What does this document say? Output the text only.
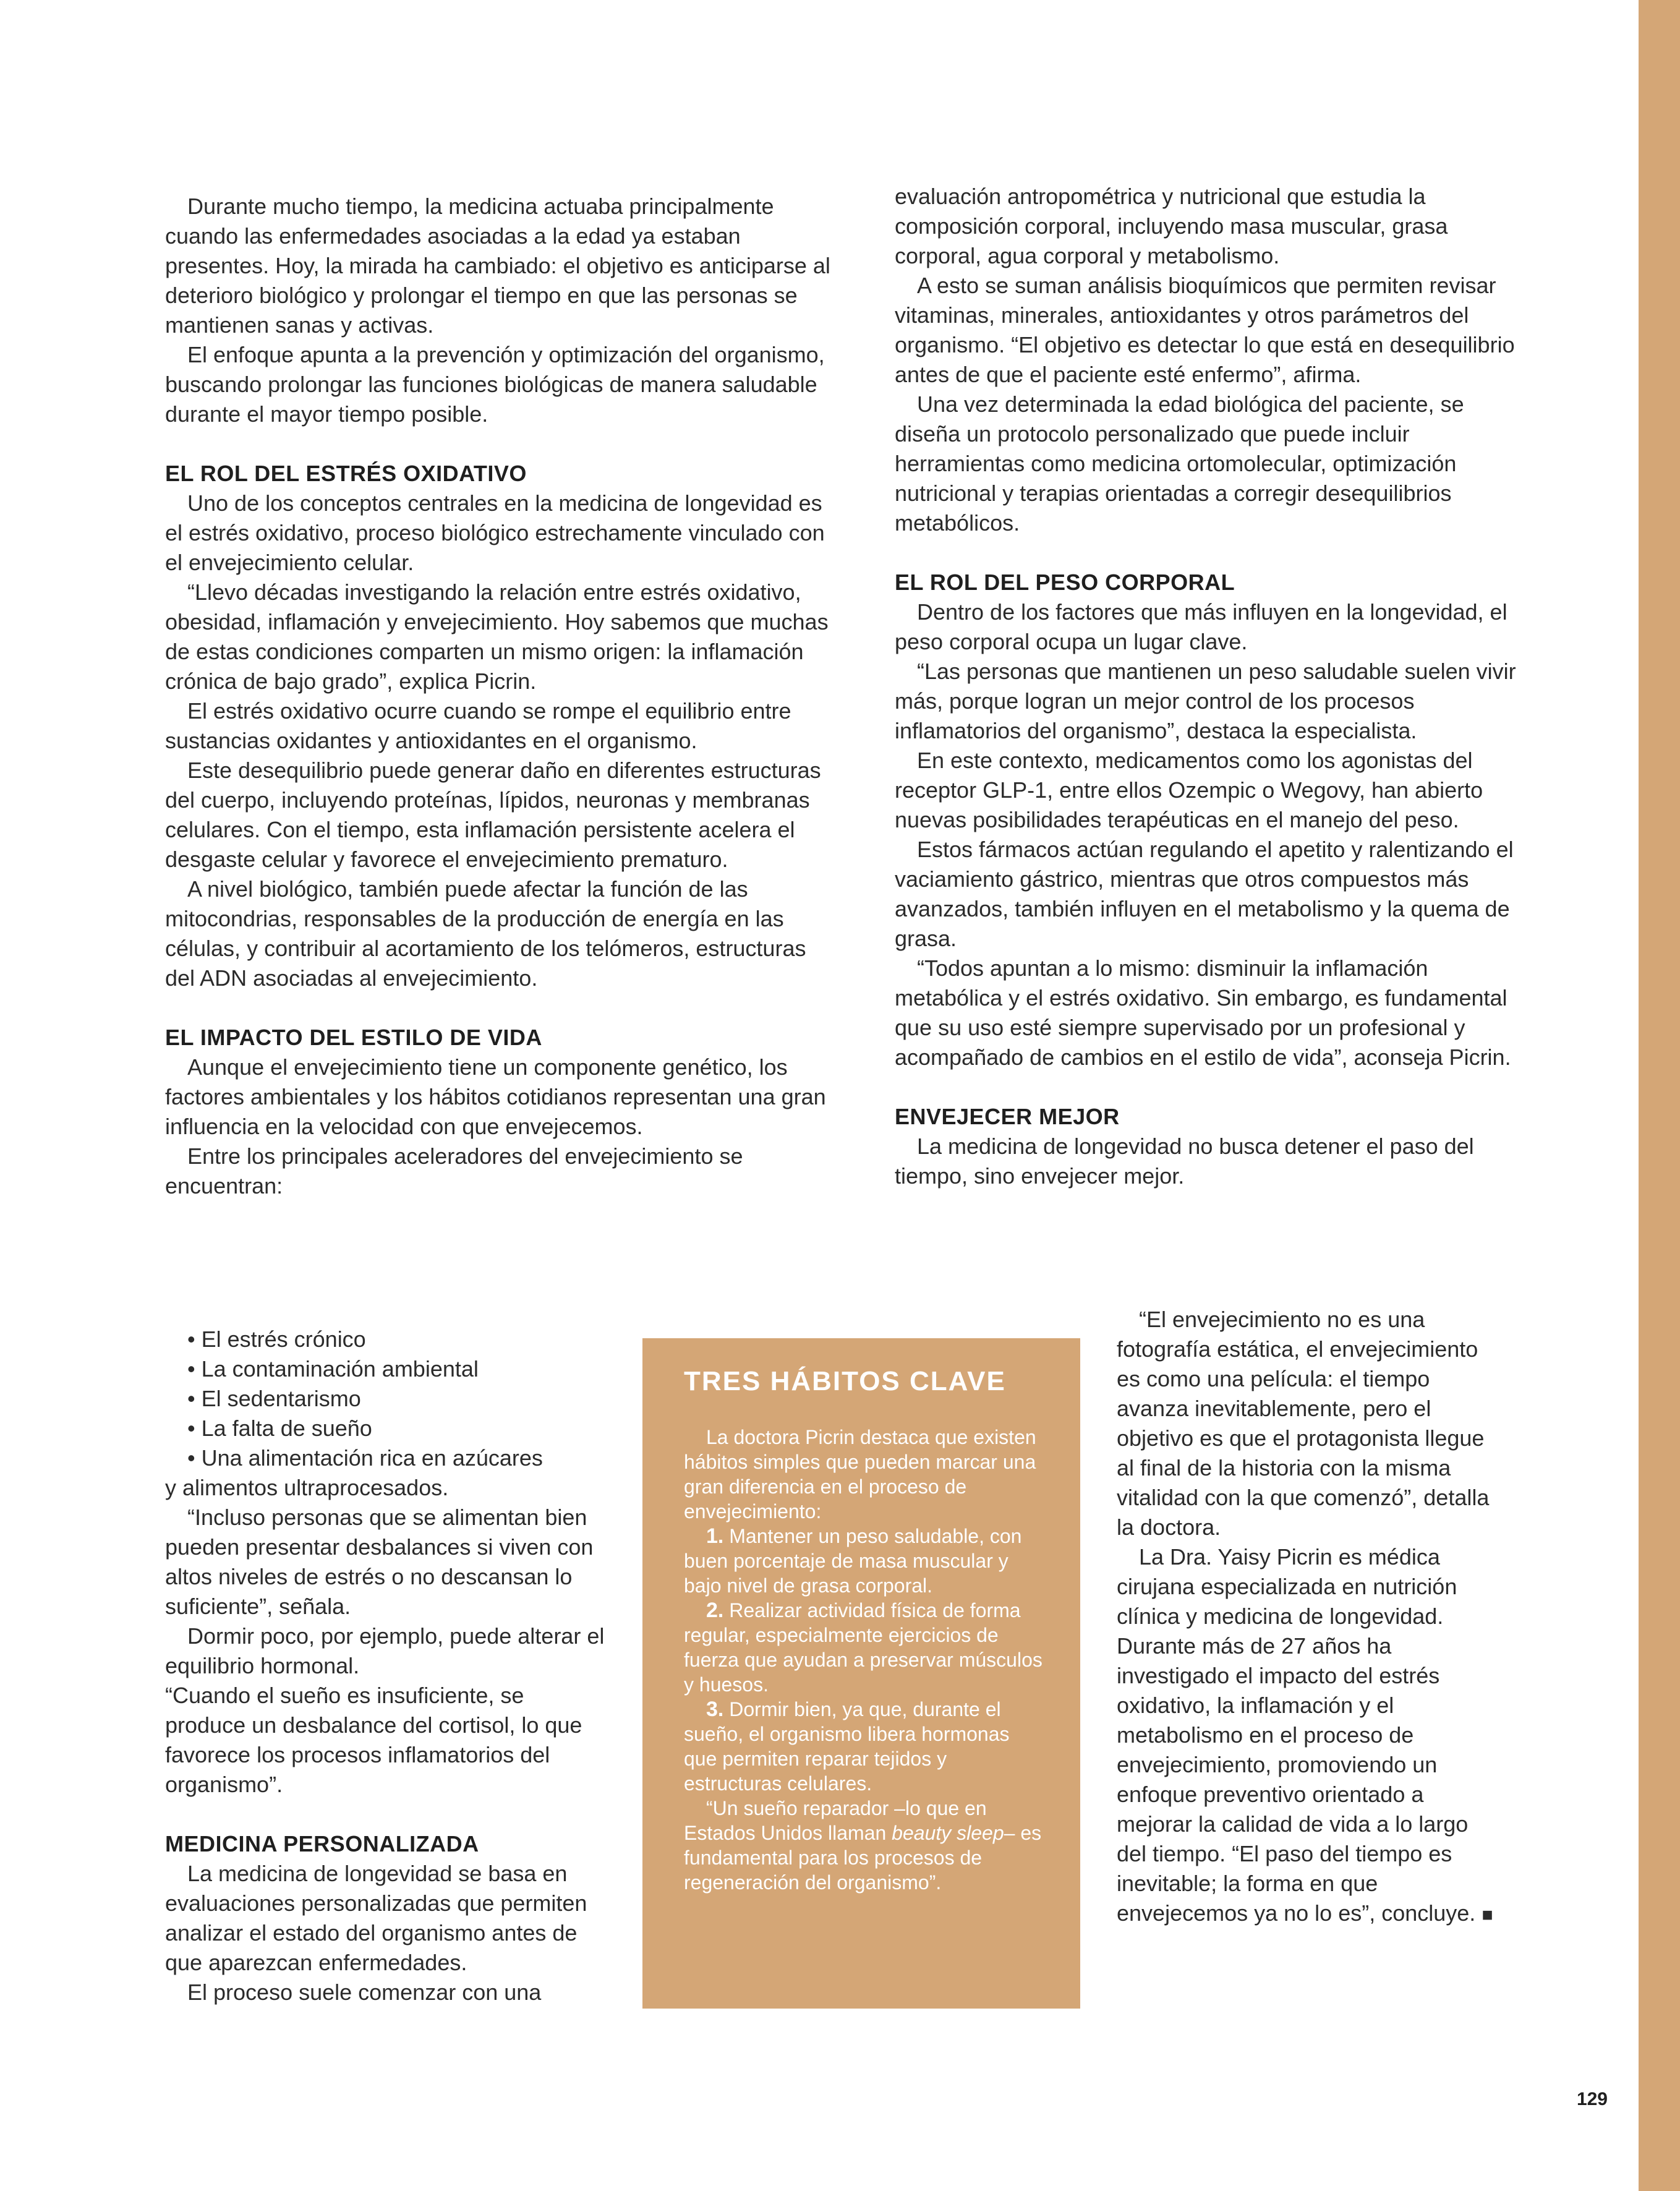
Durante mucho tiempo, la medicina actuaba principalmente cuando las enfermedades asociadas a la edad ya estaban presentes. Hoy, la mirada ha cambiado: el objetivo es anticiparse al deterioro biológico y prolongar el tiempo en que las personas se mantienen sanas y activas.

El enfoque apunta a la prevención y optimización del organismo, buscando prolongar las funciones biológicas de manera saludable durante el mayor tiempo posible.

EL ROL DEL ESTRÉS OXIDATIVO

Uno de los conceptos centrales en la medicina de longevidad es el estrés oxidativo, proceso biológico estrechamente vinculado con el envejecimiento celular.

“Llevo décadas investigando la relación entre estrés oxidativo, obesidad, inflamación y envejecimiento. Hoy sabemos que muchas de estas condiciones comparten un mismo origen: la inflamación crónica de bajo grado”, explica Picrin.

El estrés oxidativo ocurre cuando se rompe el equilibrio entre sustancias oxidantes y antioxidantes en el organismo.

Este desequilibrio puede generar daño en diferentes estructuras del cuerpo, incluyendo proteínas, lípidos, neuronas y membranas celulares. Con el tiempo, esta inflamación persistente acelera el desgaste celular y favorece el envejecimiento prematuro.

A nivel biológico, también puede afectar la función de las mitocondrias, responsables de la producción de energía en las células, y contribuir al acortamiento de los telómeros, estructuras del ADN asociadas al envejecimiento.

EL IMPACTO DEL ESTILO DE VIDA

Aunque el envejecimiento tiene un componente genético, los factores ambientales y los hábitos cotidianos representan una gran influencia en la velocidad con que envejecemos.

Entre los principales aceleradores del envejecimiento se encuentran:

• El estrés crónico
• La contaminación ambiental
• El sedentarismo
• La falta de sueño
• Una alimentación rica en azúcares

y alimentos ultraprocesados.

“Incluso personas que se alimentan bien pueden presentar desbalances si viven con altos niveles de estrés o no descansan lo suficiente”, señala.

Dormir poco, por ejemplo, puede alterar el equilibrio hormonal.

“Cuando el sueño es insuficiente, se produce un desbalance del cortisol, lo que favorece los procesos inflamatorios del organismo”.

MEDICINA PERSONALIZADA

La medicina de longevidad se basa en evaluaciones personalizadas que permiten analizar el estado del organismo antes de que aparezcan enfermedades.

El proceso suele comenzar con una

evaluación antropométrica y nutricional que estudia la composición corporal, incluyendo masa muscular, grasa corporal, agua corporal y metabolismo.

A esto se suman análisis bioquímicos que permiten revisar vitaminas, minerales, antioxidantes y otros parámetros del organismo. “El objetivo es detectar lo que está en desequilibrio antes de que el paciente esté enfermo”, afirma.

Una vez determinada la edad biológica del paciente, se diseña un protocolo personalizado que puede incluir herramientas como medicina ortomolecular, optimización nutricional y terapias orientadas a corregir desequilibrios metabólicos.

EL ROL DEL PESO CORPORAL

Dentro de los factores que más influyen en la longevidad, el peso corporal ocupa un lugar clave.

“Las personas que mantienen un peso saludable suelen vivir más, porque logran un mejor control de los procesos inflamatorios del organismo”, destaca la especialista.

En este contexto, medicamentos como los agonistas del receptor GLP-1, entre ellos Ozempic o Wegovy, han abierto nuevas posibilidades terapéuticas en el manejo del peso.

Estos fármacos actúan regulando el apetito y ralentizando el vaciamiento gástrico, mientras que otros compuestos más avanzados, también influyen en el metabolismo y la quema de grasa.

“Todos apuntan a lo mismo: disminuir la inflamación metabólica y el estrés oxidativo. Sin embargo, es fundamental que su uso esté siempre supervisado por un profesional y acompañado de cambios en el estilo de vida”, aconseja Picrin.

ENVEJECER MEJOR

La medicina de longevidad no busca detener el paso del tiempo, sino envejecer mejor.

“El envejecimiento no es una fotografía estática, el envejecimiento es como una película: el tiempo avanza inevitablemente, pero el objetivo es que el protagonista llegue al final de la historia con la misma vitalidad con la que comenzó”, detalla la doctora.

La Dra. Yaisy Picrin es médica cirujana especializada en nutrición clínica y medicina de longevidad. Durante más de 27 años ha investigado el impacto del estrés oxidativo, la inflamación y el metabolismo en el proceso de envejecimiento, promoviendo un enfoque preventivo orientado a mejorar la calidad de vida a lo largo del tiempo. “El paso del tiempo es inevitable; la forma en que envejecemos ya no lo es”, concluye. ■

TRES HÁBITOS CLAVE

La doctora Picrin destaca que existen hábitos simples que pueden marcar una gran diferencia en el proceso de envejecimiento:

1. Mantener un peso saludable, con buen porcentaje de masa muscular y bajo nivel de grasa corporal.

2. Realizar actividad física de forma regular, especialmente ejercicios de fuerza que ayudan a preservar músculos y huesos.

3. Dormir bien, ya que, durante el sueño, el organismo libera hormonas que permiten reparar tejidos y estructuras celulares.

“Un sueño reparador –lo que en Estados Unidos llaman beauty sleep– es fundamental para los procesos de regeneración del organismo”.

129
